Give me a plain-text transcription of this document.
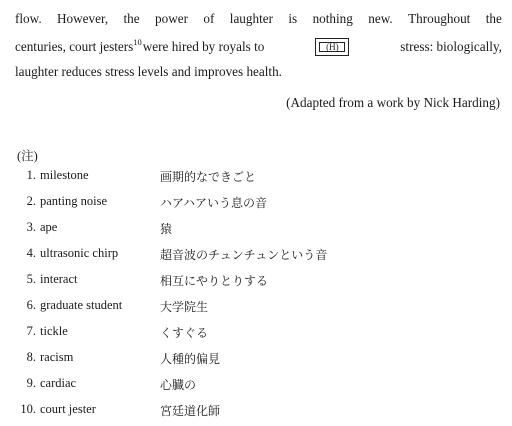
flow. However, the power of laughter is nothing new. Throughout the
centuries, court jesters$^{10}$were hired by royals to	(H)	stress: biologically,
laughter reduces stress levels and improves health.
(Adapted from a work by Nick Harding)
(注)
1. milestone	画期的なできごと
2. panting noise	ハアハアいう息の音
3. ape	猿
4. ultrasonic chirp	超音波のチュンチュンという音
5. interact	相互にやりとりする
6. graduate student	大学院生
7. tickle	くすぐる
8. racism	人種的偏見
9. cardiac	心臓の
10. court jester	宮廷道化師
